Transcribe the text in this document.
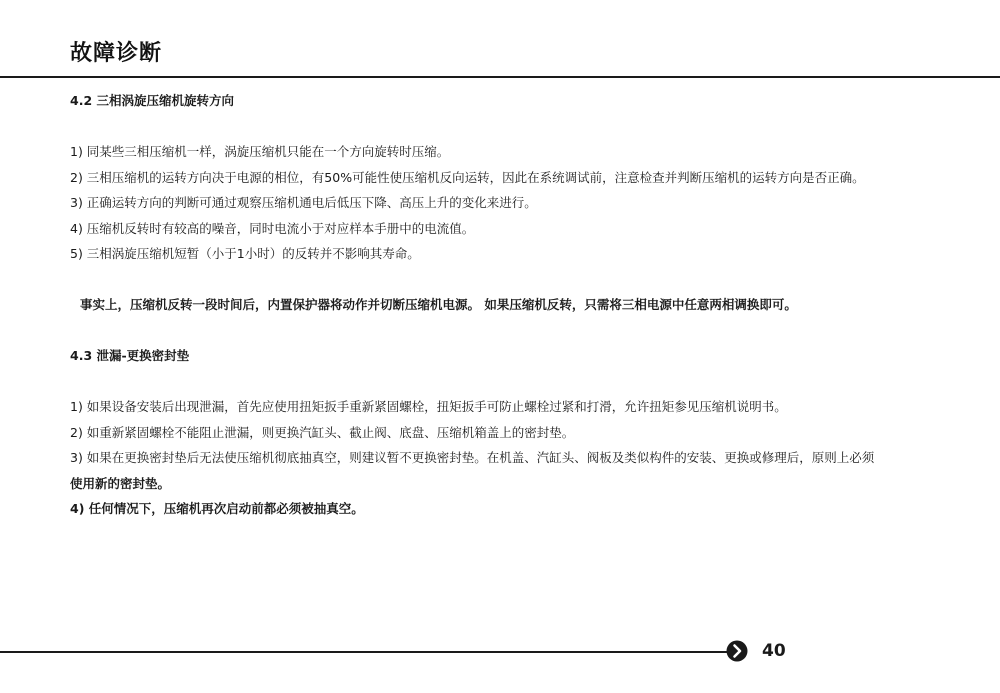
故障诊断

4.2 三相涡旋压缩机旋转方向

1) 同某些三相压缩机一样，涡旋压缩机只能在一个方向旋转时压缩。

2) 三相压缩机的运转方向决于电源的相位，有50%可能性使压缩机反向运转，因此在系统调试前，注意检查并判断压缩机的运转方向是否正确。

3) 正确运转方向的判断可通过观察压缩机通电后低压下降、高压上升的变化来进行。

4) 压缩机反转时有较高的噪音，同时电流小于对应样本手册中的电流值。

5) 三相涡旋压缩机短暂（小于1小时）的反转并不影响其寿命。

事实上，压缩机反转一段时间后，内置保护器将动作并切断压缩机电源。 如果压缩机反转，只需将三相电源中任意两相调换即可。

4.3 泄漏-更换密封垫

1) 如果设备安装后出现泄漏，首先应使用扭矩扳手重新紧固螺栓，扭矩扳手可防止螺栓过紧和打滑，允许扭矩参见压缩机说明书。

2) 如重新紧固螺栓不能阻止泄漏，则更换汽缸头、截止阀、底盘、压缩机箱盖上的密封垫。

3) 如果在更换密封垫后无法使压缩机彻底抽真空，则建议暂不更换密封垫。在机盖、汽缸头、阀板及类似构件的安装、更换或修理后，原则上必须

使用新的密封垫。

4) 任何情况下，压缩机再次启动前都必须被抽真空。

40
